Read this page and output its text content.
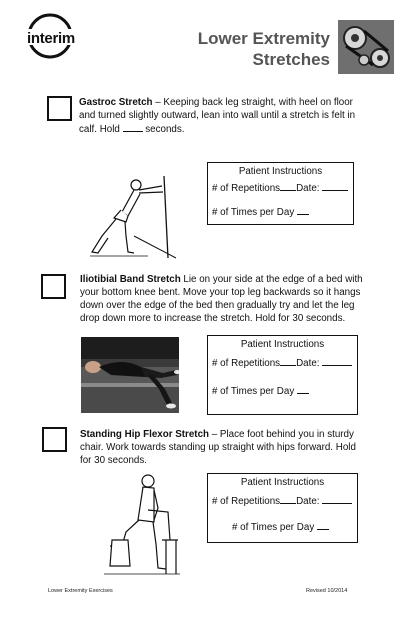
interim	Lower Extremity
Stretches
Gastroc Stretch – Keeping back leg straight, with heel on floor and turned slightly outward, lean into wall until a stretch is felt in calf. Hold  seconds.
Patient Instructions
# of Repetitions Date:
# of Times per Day
Iliotibial Band Stretch Lie on your side at the edge of a bed with your bottom knee bent. Move your top leg backwards so it hangs down over the edge of the bed then gradually try and let the leg drop down more to increase the stretch. Hold for 30 seconds.
Patient Instructions
# of Repetitions Date:
# of Times per Day
Standing Hip Flexor Stretch – Place foot behind you in sturdy chair. Work towards standing up straight with hips forward. Hold for 30 seconds.
Patient Instructions
# of Repetitions Date:
# of Times per Day
Lower Extremity Exercises	Revised 10/2014
